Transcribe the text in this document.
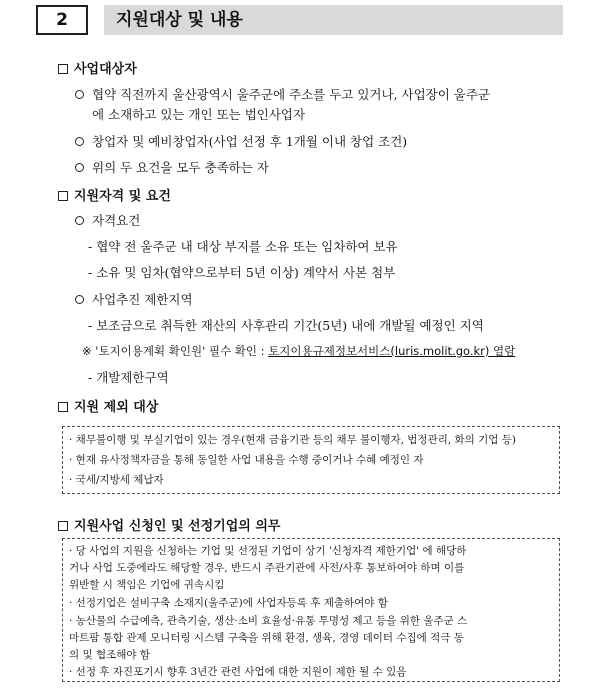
2	지원대상 및 내용
사업대상자
협약 직전까지 울산광역시 울주군에 주소를 두고 있거나, 사업장이 울주군
에 소재하고 있는 개인 또는 법인사업자
창업자 및 예비창업자(사업 선정 후 1개월 이내 창업 조건)
위의 두 요건을 모두 충족하는 자
지원자격 및 요건
자격요건
- 협약 전 울주군 내 대상 부지를 소유 또는 임차하여 보유
- 소유 및 임차(협약으로부터 5년 이상) 계약서 사본 첨부
사업추진 제한지역
- 보조금으로 취득한 재산의 사후관리 기간(5년) 내에 개발될 예정인 지역
※ '토지이용계획 확인원' 필수 확인 : 토지이용규제정보서비스(luris.molit.go.kr) 열람
- 개발제한구역
지원 제외 대상
· 채무불이행 및 부실기업이 있는 경우(현재 금융기관 등의 채무 불이행자, 법정관리, 화의 기업 등)
· 현재 유사정책자금을 통해 동일한 사업 내용을 수행 중이거나 수혜 예정인 자
· 국세/지방세 체납자
지원사업 신청인 및 선정기업의 의무
· 당 사업의 지원을 신청하는 기업 및 선정된 기업이 상기 '신청자격 제한기업' 에 해당하
거나 사업 도중에라도 해당할 경우, 반드시 주관기관에 사전/사후 통보하여야 하며 이를
위반할 시 책임은 기업에 귀속시킴
· 선정기업은 설비구축 소재지(울주군)에 사업자등록 후 제출하여야 함
· 농산물의 수급예측, 관측기술, 생산·소비 효율성·유통 투명성 제고 등을 위한 울주군 스
마트팜 통합 관제 모니터링 시스템 구축을 위해 환경, 생육, 경영 데이터 수집에 적극 동
의 및 협조해야 함
· 선정 후 자진포기시 향후 3년간 관련 사업에 대한 지원이 제한 될 수 있음
